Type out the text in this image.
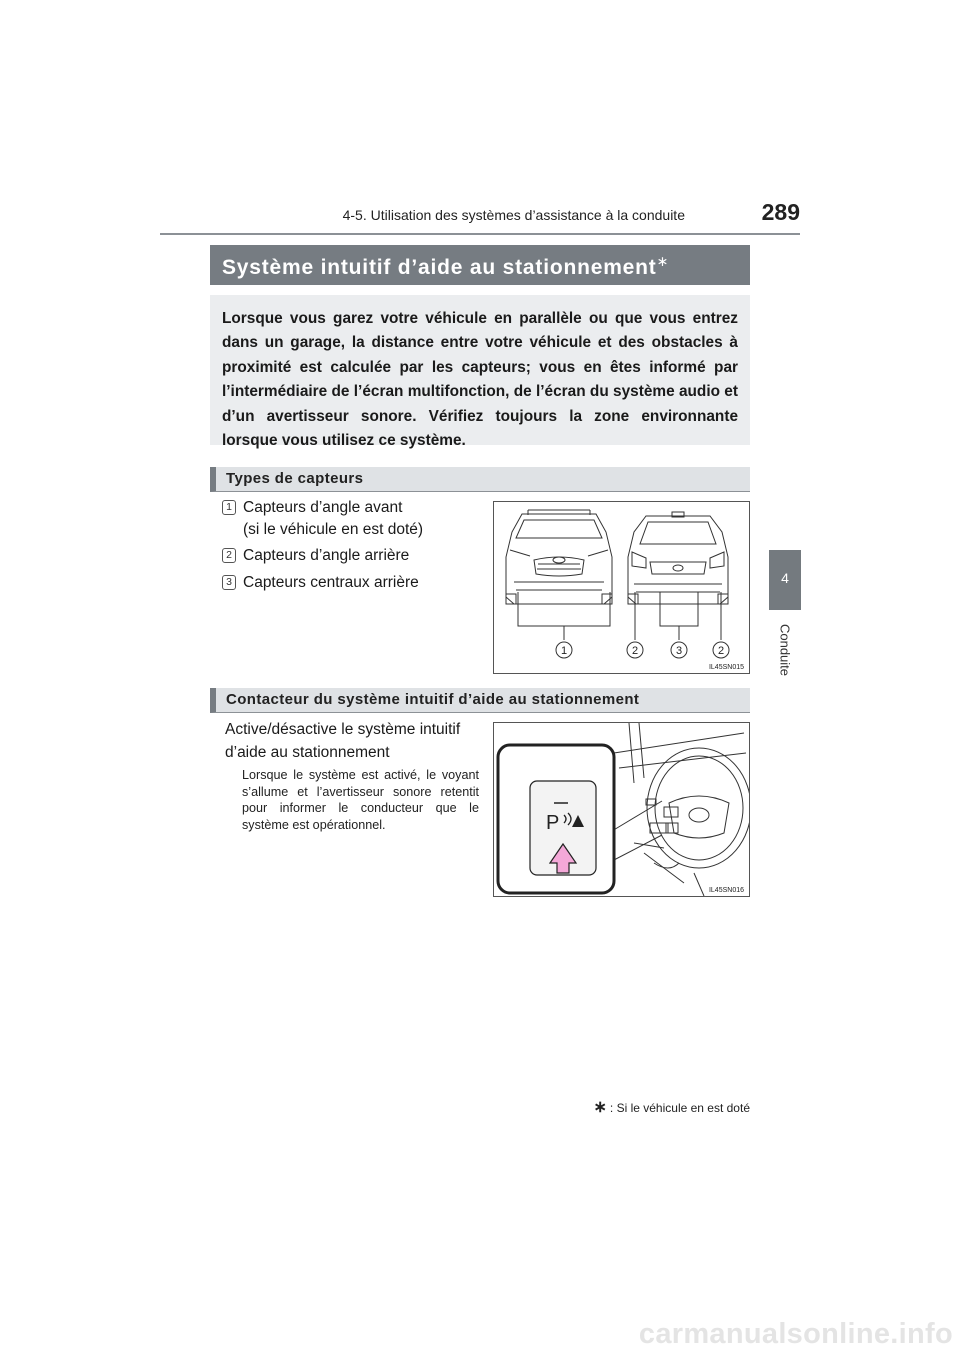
4-5. Utilisation des systèmes d’assistance à la conduite	289
4
Conduite
Système intuitif d’aide au stationnement∗
Lorsque vous garez votre véhicule en parallèle ou que vous entrez dans un garage, la distance entre votre véhicule et des obstacles à proximité est calculée par les capteurs; vous en êtes informé par l’intermédiaire de l’écran multifonction, de l’écran du système audio et d’un avertisseur sonore. Vérifiez toujours la zone environnante lorsque vous utilisez ce système.
Types de capteurs
1 Capteurs d’angle avant
(si le véhicule en est doté)
2 Capteurs d’angle arrière
3 Capteurs centraux arrière
1	2	3	2
IL45SN015
Contacteur du système intuitif d’aide au stationnement
Active/désactive le système intuitif d’aide au stationnement
Lorsque le système est activé, le voyant s’allume et l’avertisseur sonore retentit pour informer le conducteur que le système est opérationnel.	P
IL45SN016
∗ : Si le véhicule en est doté
carmanualsonline.info
